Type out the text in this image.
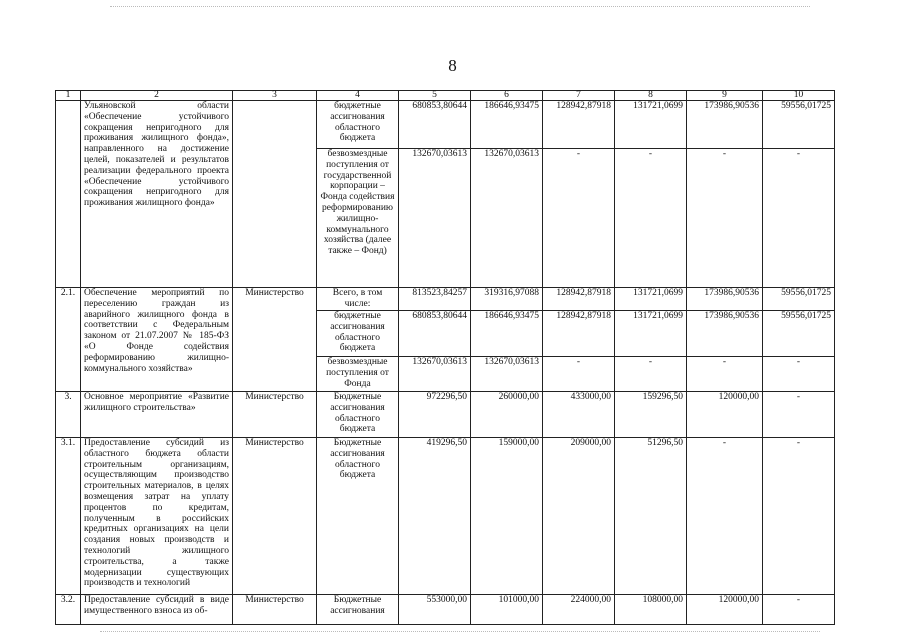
8
1	2	3	4	5	6	7	8	9	10
	Ульяновской области «Обеспечение устойчивого сокращения непригодного для проживания жилищного фонда», направленного на достижение целей, показателей и результатов реализации федерального проекта «Обеспечение устойчивого сокращения непригодного для проживания жилищного фонда»		бюджетные ассигнования областного бюджета	680853,80644	186646,93475	128942,87918	131721,0699	173986,90536	59556,01725
			безвозмездные поступления от государственной корпорации – Фонда содействия реформированию жилищно-коммунального хозяйства (далее также – Фонд)	132670,03613	132670,03613	-	-	-	-
2.1.	Обеспечение мероприятий по переселению граждан из аварийного жилищного фонда в соответствии с Федеральным законом от 21.07.2007 № 185-ФЗ «О Фонде содействия реформированию жилищно-коммунального хозяйства»	Министерство	Всего, в том числе:	813523,84257	319316,97088	128942,87918	131721,0699	173986,90536	59556,01725
			бюджетные ассигнования областного бюджета	680853,80644	186646,93475	128942,87918	131721,0699	173986,90536	59556,01725
			безвозмездные поступления от Фонда	132670,03613	132670,03613	-	-	-	-
3.	Основное мероприятие «Развитие жилищного строительства»	Министерство	Бюджетные ассигнования областного бюджета	972296,50	260000,00	433000,00	159296,50	120000,00	-
3.1.	Предоставление субсидий из областного бюджета области строительным организациям, осуществляющим производство строительных материалов, в целях возмещения затрат на уплату процентов по кредитам, полученным в российских кредитных организациях на цели создания новых производств и технологий жилищного строительства, а также модернизации существующих производств и технологий	Министерство	Бюджетные ассигнования областного бюджета	419296,50	159000,00	209000,00	51296,50	-	-
3.2.	Предоставление субсидий в виде имущественного взноса из об-	Министерство	Бюджетные ассигнования	553000,00	101000,00	224000,00	108000,00	120000,00	-
